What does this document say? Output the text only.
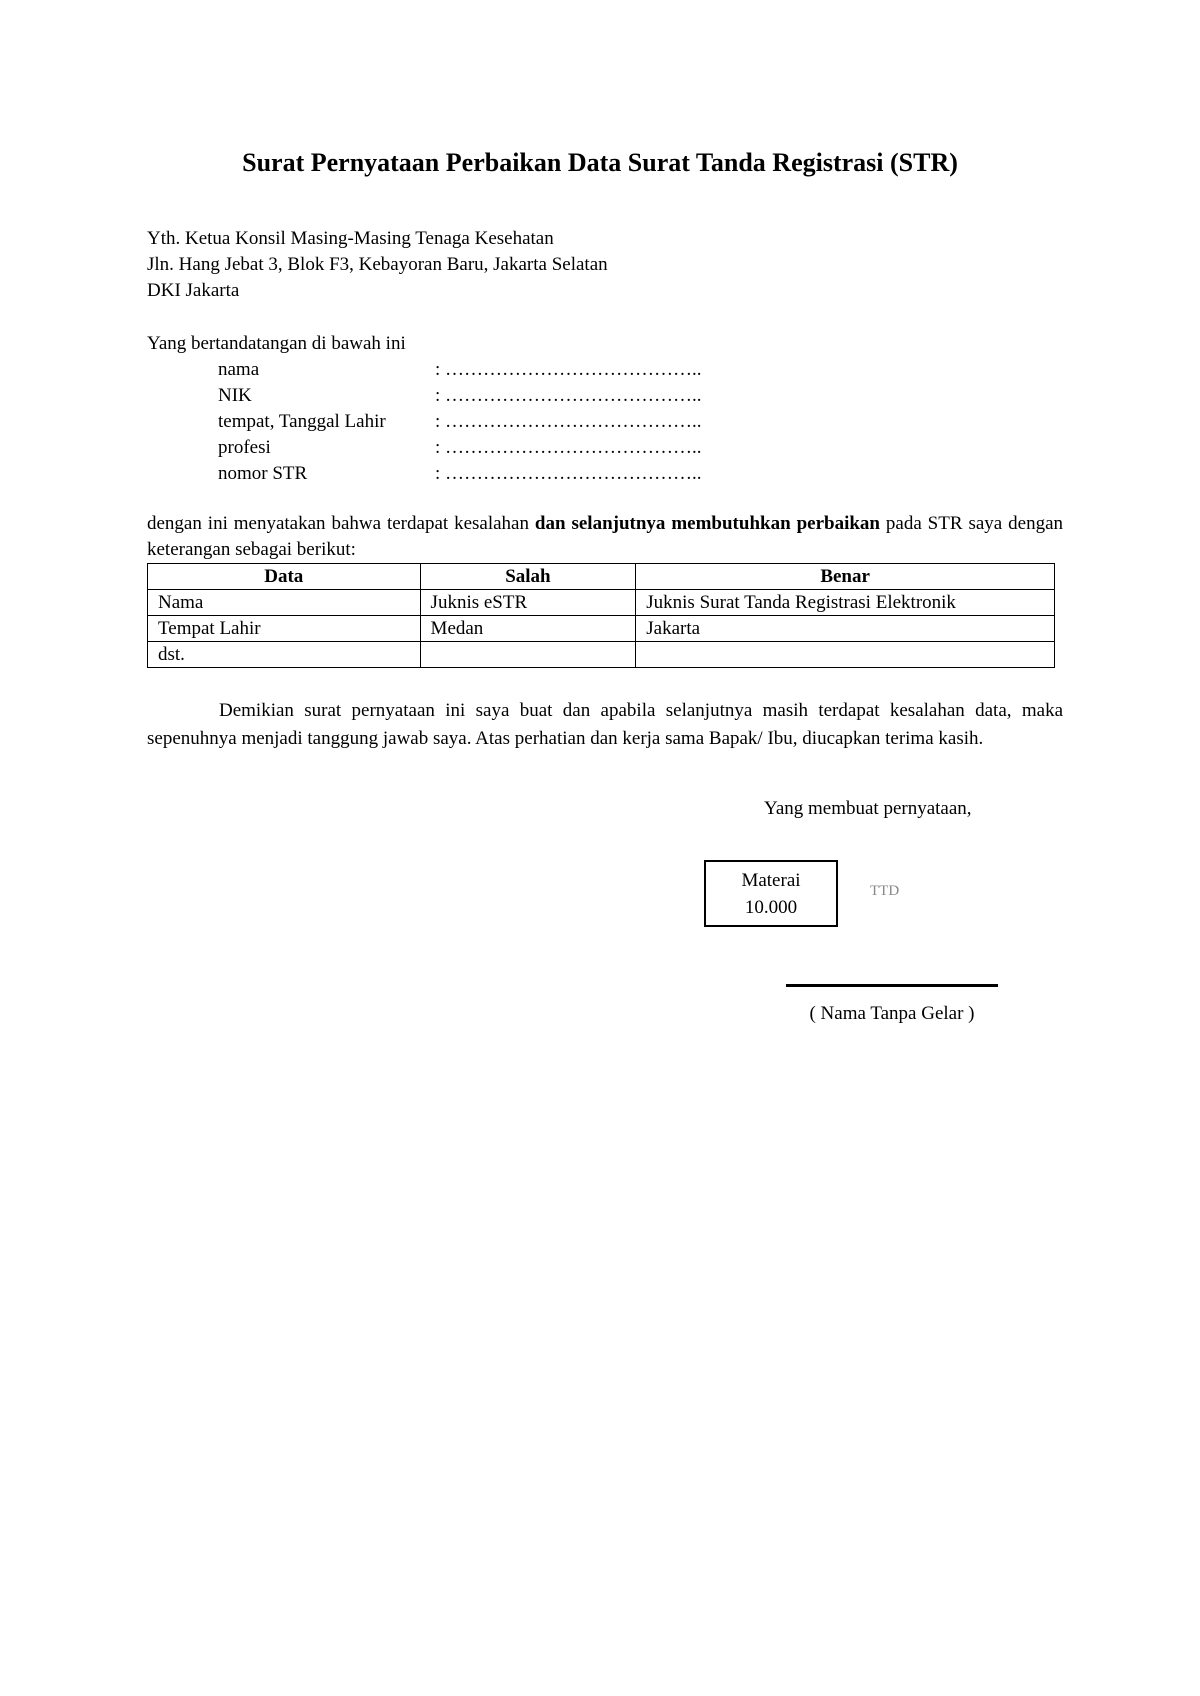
Surat Pernyataan Perbaikan Data Surat Tanda Registrasi (STR)
Yth. Ketua Konsil Masing-Masing Tenaga Kesehatan
Jln. Hang Jebat 3, Blok F3, Kebayoran Baru, Jakarta Selatan
DKI Jakarta
Yang bertandatangan di bawah ini
nama	: …………………………………..
NIK	: …………………………………..
tempat, Tanggal Lahir	: …………………………………..
profesi	: …………………………………..
nomor STR	: …………………………………..

dengan ini menyatakan bahwa terdapat kesalahan dan selanjutnya membutuhkan perbaikan pada STR saya dengan keterangan sebagai berikut:

Data	Salah	Benar
Nama	Juknis eSTR	Juknis Surat Tanda Registrasi Elektronik
Tempat Lahir	Medan	Jakarta
dst.		

Demikian surat pernyataan ini saya buat dan apabila selanjutnya masih terdapat kesalahan data, maka sepenuhnya menjadi tanggung jawab saya. Atas perhatian dan kerja sama Bapak/ Ibu, diucapkan terima kasih.

Yang membuat pernyataan,
Materai
10.000
TTD
( Nama Tanpa Gelar )
